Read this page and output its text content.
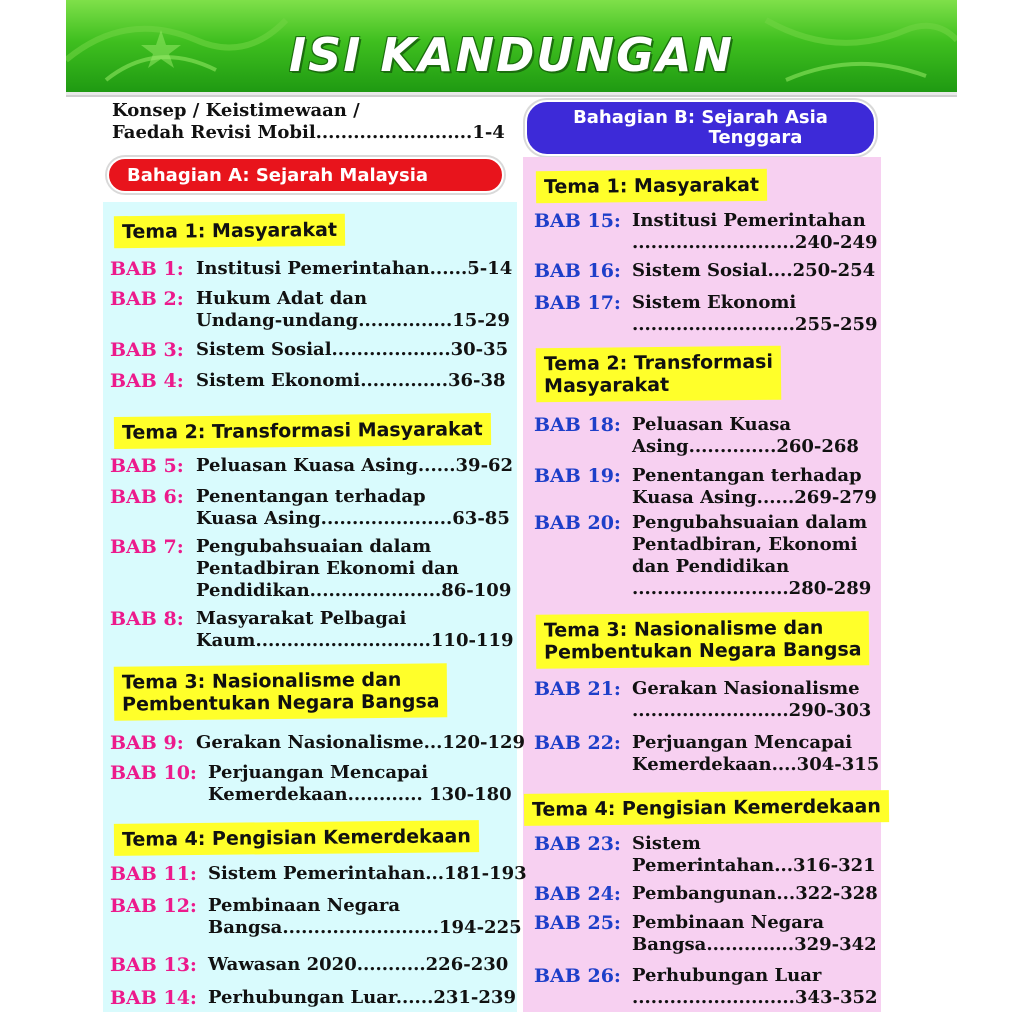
ISI KANDUNGAN
Konsep / Keistimewaan /
Faedah Revisi Mobil.........................1-4
Bahagian A: Sejarah Malaysia
Bahagian B: Sejarah Asia
Tenggara
Tema 1: Masyarakat
Tema 2: Transformasi Masyarakat
Tema 3: Nasionalisme dan
Pembentukan Negara Bangsa
Tema 4: Pengisian Kemerdekaan
BAB 1: Institusi Pemerintahan......5-14
BAB 2: Hukum Adat dan
Undang-undang...............15-29
BAB 3: Sistem Sosial...................30-35
BAB 4: Sistem Ekonomi..............36-38
BAB 5: Peluasan Kuasa Asing......39-62
BAB 6: Penentangan terhadap
Kuasa Asing.....................63-85
BAB 7: Pengubahsuaian dalam
Pentadbiran Ekonomi dan
Pendidikan.....................86-109
BAB 8: Masyarakat Pelbagai
Kaum............................110-119
BAB 9: Gerakan Nasionalisme...120-129
BAB 10: Perjuangan Mencapai
Kemerdekaan............ 130-180
BAB 11: Sistem Pemerintahan...181-193
BAB 12: Pembinaan Negara
Bangsa.........................194-225
BAB 13: Wawasan 2020...........226-230
BAB 14: Perhubungan Luar......231-239
Tema 1: Masyarakat
Tema 2: Transformasi
Masyarakat
Tema 3: Nasionalisme dan
Pembentukan Negara Bangsa
Tema 4: Pengisian Kemerdekaan
BAB 15: Institusi Pemerintahan
..........................240-249
BAB 16: Sistem Sosial....250-254
BAB 17: Sistem Ekonomi
..........................255-259
BAB 18: Peluasan Kuasa
Asing..............260-268
BAB 19: Penentangan terhadap
Kuasa Asing......269-279
BAB 20: Pengubahsuaian dalam
Pentadbiran, Ekonomi
dan Pendidikan
.........................280-289
BAB 21: Gerakan Nasionalisme
.........................290-303
BAB 22: Perjuangan Mencapai
Kemerdekaan....304-315
BAB 23: Sistem
Pemerintahan...316-321
BAB 24: Pembangunan...322-328
BAB 25: Pembinaan Negara
Bangsa..............329-342
BAB 26: Perhubungan Luar
..........................343-352
